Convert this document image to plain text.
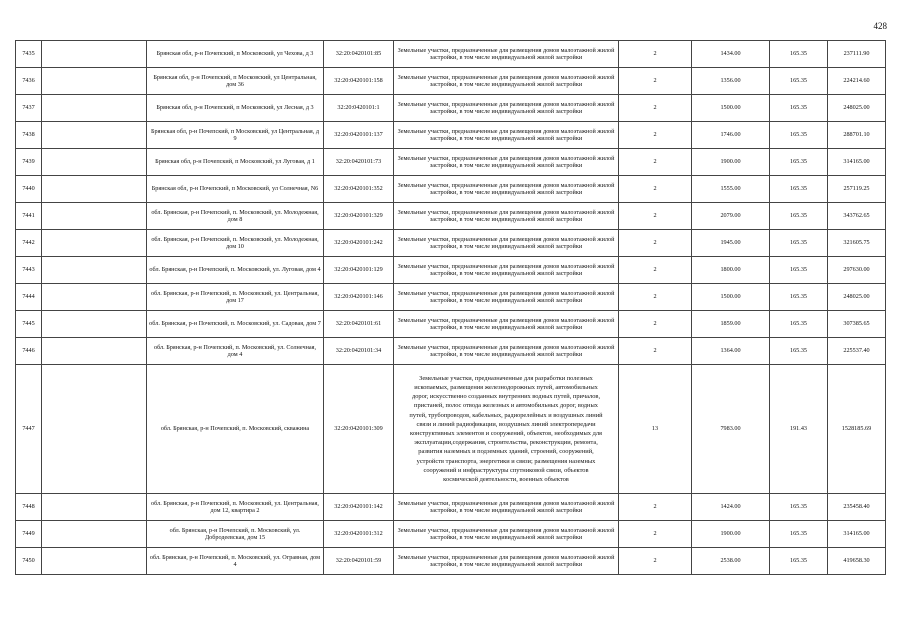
428
7435		Брянская обл, р-н Почепский, п Московский, ул Чехова, д 3	32:20:0420101:85	Земельные участки, предназначенные для размещения домов малоэтажной жилой застройки, в том числе индивидуальной жилой застройки	2	1434.00	165.35	237111.90
7436		Брянская обл, р-н Почепский, п Московский, ул Центральная, дом 36	32:20:0420101:158	Земельные участки, предназначенные для размещения домов малоэтажной жилой застройки, в том числе индивидуальной жилой застройки	2	1356.00	165.35	224214.60
7437		Брянская обл, р-н Почепский, п Московский, ул Лесная, д 3	32:20:0420101:1	Земельные участки, предназначенные для размещения домов малоэтажной жилой застройки, в том числе индивидуальной жилой застройки	2	1500.00	165.35	248025.00
7438		Брянская обл, р-н Почепский, п Московский, ул Центральная, д 9	32:20:0420101:137	Земельные участки, предназначенные для размещения домов малоэтажной жилой застройки, в том числе индивидуальной жилой застройки	2	1746.00	165.35	288701.10
7439		Брянская обл, р-н Почепский, п Московский, ул Луговая, д 1	32:20:0420101:73	Земельные участки, предназначенные для размещения домов малоэтажной жилой застройки, в том числе индивидуальной жилой застройки	2	1900.00	165.35	314165.00
7440		Брянская обл, р-н Почепский, п Московский, ул Солнечная, N6	32:20:0420101:352	Земельные участки, предназначенные для размещения домов малоэтажной жилой застройки, в том числе индивидуальной жилой застройки	2	1555.00	165.35	257119.25
7441		обл. Брянская, р-н Почепский, п. Московский, ул. Молодежная, дом 8	32:20:0420101:329	Земельные участки, предназначенные для размещения домов малоэтажной жилой застройки, в том числе индивидуальной жилой застройки	2	2079.00	165.35	343762.65
7442		обл. Брянская, р-н Почепский, п. Московский, ул. Молодежная, дом 10	32:20:0420101:242	Земельные участки, предназначенные для размещения домов малоэтажной жилой застройки, в том числе индивидуальной жилой застройки	2	1945.00	165.35	321605.75
7443		обл. Брянская, р-н Почепский, п. Московский, ул. Луговая, дом 4	32:20:0420101:129	Земельные участки, предназначенные для размещения домов малоэтажной жилой застройки, в том числе индивидуальной жилой застройки	2	1800.00	165.35	297630.00
7444		обл. Брянская, р-н Почепский, п. Московский, ул. Центральная, дом 17	32:20:0420101:146	Земельные участки, предназначенные для размещения домов малоэтажной жилой застройки, в том числе индивидуальной жилой застройки	2	1500.00	165.35	248025.00
7445		обл. Брянская, р-н Почепский, п. Московский, ул. Садовая, дом 7	32:20:0420101:61	Земельные участки, предназначенные для размещения домов малоэтажной жилой застройки, в том числе индивидуальной жилой застройки	2	1859.00	165.35	307385.65
7446		обл. Брянская, р-н Почепский, п. Московский, ул. Солнечная, дом 4	32:20:0420101:34	Земельные участки, предназначенные для размещения домов малоэтажной жилой застройки, в том числе индивидуальной жилой застройки	2	1364.00	165.35	225537.40
7447		обл. Брянская, р-н Почепский, п. Московский, скважина	32:20:0420101:309	Земельные участки, предназначенные для разработки полезных ископаемых, размещения железнодорожных путей, автомобильных дорог, искусственно созданных внутренних водных путей, причалов, пристаней, полос отвода железных и автомобильных дорог, водных путей, трубопроводов, кабельных, радиорелейных и воздушных линий связи и линий радиофикации, воздушных линий электропередачи конструктивных элементов и сооружений, объектов, необходимых для эксплуатации,содержания, строительства, реконструкции, ремонта, развития наземных и подземных зданий, строений, сооружений, устройств транспорта, энергетики и связи; размещения наземных сооружений и инфраструктуры спутниковой связи, объектов космической деятельности, военных объектов	13	7983.00	191.43	1528185.69
7448		обл. Брянская, р-н Почепский, п. Московский, ул. Центральная, дом 12, квартира 2	32:20:0420101:142	Земельные участки, предназначенные для размещения домов малоэтажной жилой застройки, в том числе индивидуальной жилой застройки	2	1424.00	165.35	235458.40
7449		обл. Брянская, р-н Почепский, п. Московский, ул. Добродеевская, дом 15	32:20:0420101:312	Земельные участки, предназначенные для размещения домов малоэтажной жилой застройки, в том числе индивидуальной жилой застройки	2	1900.00	165.35	314165.00
7450		обл. Брянская, р-н Почепский, п. Московский, ул. Огравная, дом 4	32:20:0420101:59	Земельные участки, предназначенные для размещения домов малоэтажной жилой застройки, в том числе индивидуальной жилой застройки	2	2538.00	165.35	419658.30
